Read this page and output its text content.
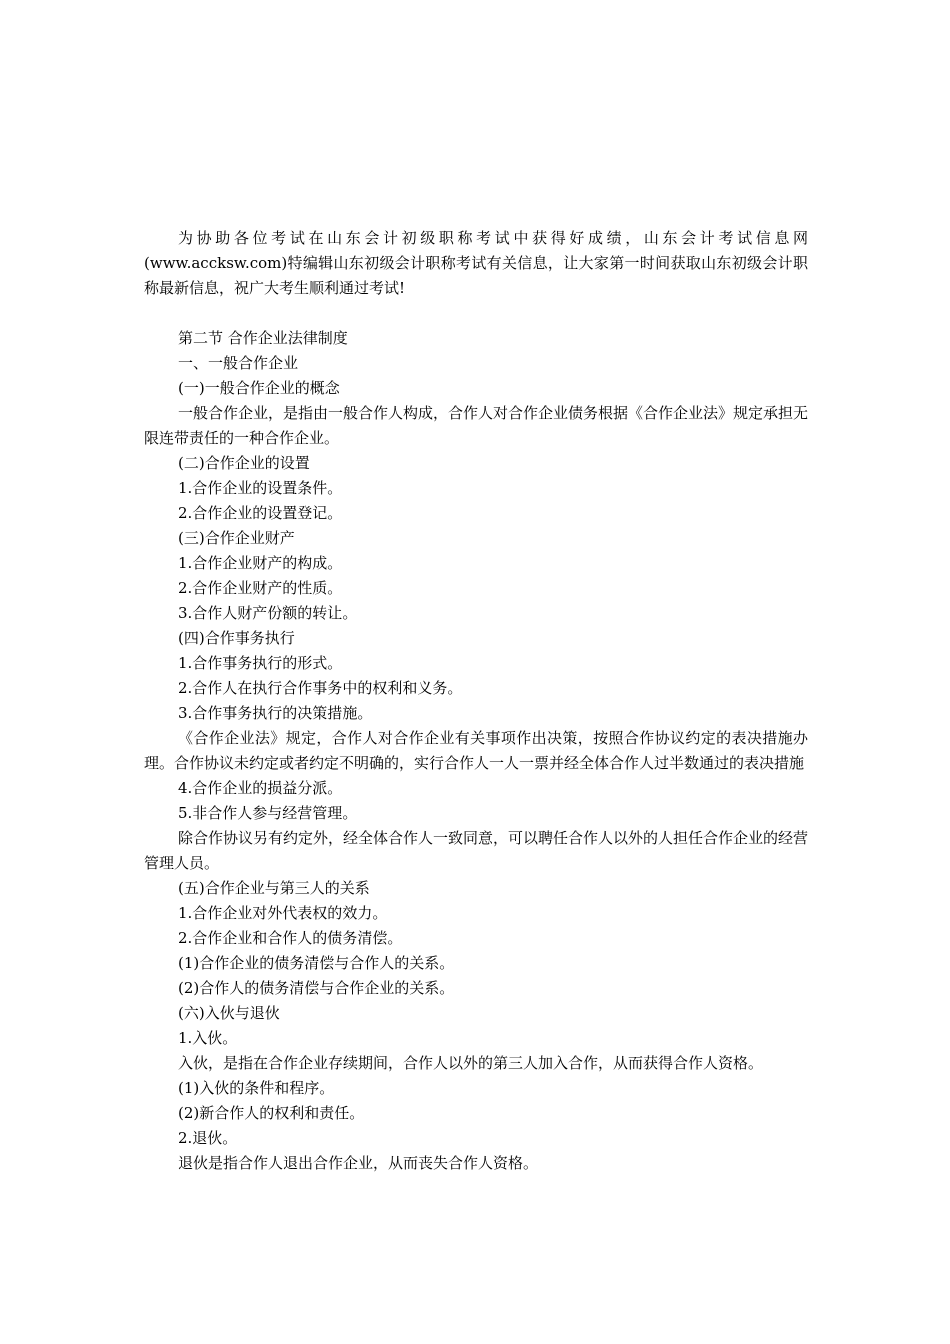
为协助各位考试在山东会计初级职称考试中获得好成绩，山东会计考试信息网(www.accksw.com)特编辑山东初级会计职称考试有关信息，让大家第一时间获取山东初级会计职称最新信息，祝广大考生顺利通过考试!

第二节 合作企业法律制度

一、一般合作企业

(一)一般合作企业的概念

一般合作企业，是指由一般合作人构成，合作人对合作企业债务根据《合作企业法》规定承担无限连带责任的一种合作企业。

(二)合作企业的设置

1.合作企业的设置条件。

2.合作企业的设置登记。

(三)合作企业财产

1.合作企业财产的构成。

2.合作企业财产的性质。

3.合作人财产份额的转让。

(四)合作事务执行

1.合作事务执行的形式。

2.合作人在执行合作事务中的权利和义务。

3.合作事务执行的决策措施。

《合作企业法》规定，合作人对合作企业有关事项作出决策，按照合作协议约定的表决措施办理。合作协议未约定或者约定不明确的，实行合作人一人一票并经全体合作人过半数通过的表决措施

4.合作企业的损益分派。

5.非合作人参与经营管理。

除合作协议另有约定外，经全体合作人一致同意，可以聘任合作人以外的人担任合作企业的经营管理人员。

(五)合作企业与第三人的关系

1.合作企业对外代表权的效力。

2.合作企业和合作人的债务清偿。

(1)合作企业的债务清偿与合作人的关系。

(2)合作人的债务清偿与合作企业的关系。

(六)入伙与退伙

1.入伙。

入伙，是指在合作企业存续期间，合作人以外的第三人加入合作，从而获得合作人资格。

(1)入伙的条件和程序。

(2)新合作人的权利和责任。

2.退伙。

退伙是指合作人退出合作企业，从而丧失合作人资格。
